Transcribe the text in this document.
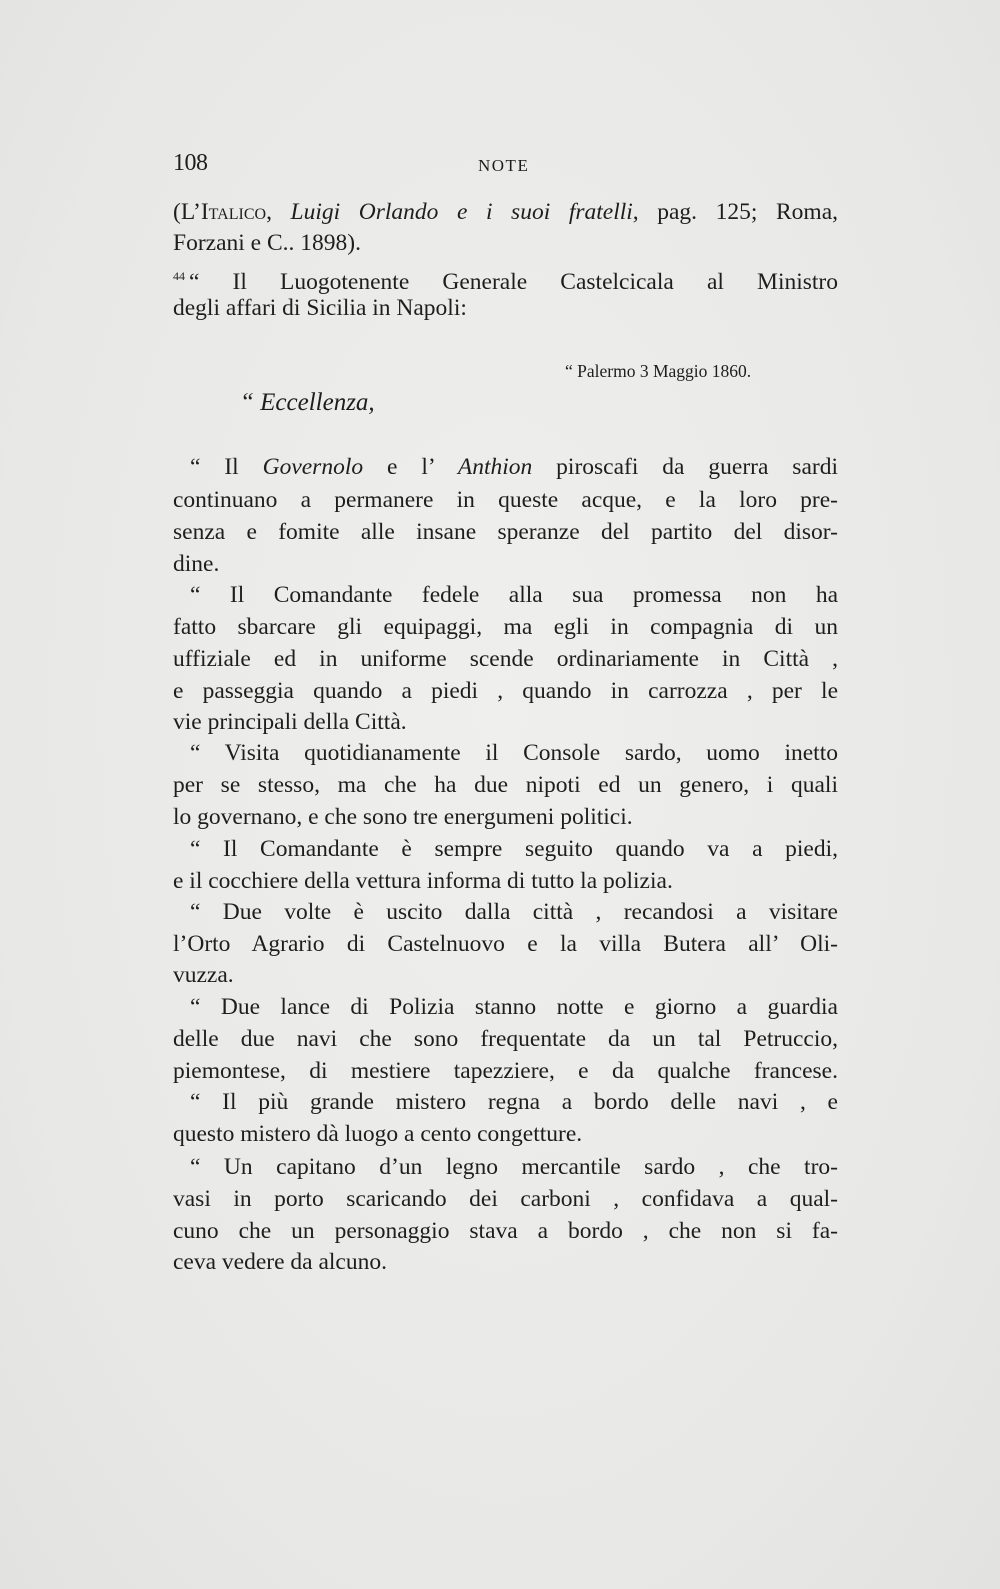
108	NOTE
(L’Italico, Luigi Orlando e i suoi fratelli, pag. 125; Roma,
Forzani e C.. 1898).
$^{44}$ “ Il Luogotenente Generale Castelcicala al Ministro
degli affari di Sicilia in Napoli:
“ Palermo 3 Maggio 1860.
“ Eccellenza,
“ Il Governolo e l’ Anthion piroscafi da guerra sardi
continuano a permanere in queste acque, e la loro pre-
senza e fomite alle insane speranze del partito del disor-
dine.
“ Il Comandante fedele alla sua promessa non ha
fatto sbarcare gli equipaggi, ma egli in compagnia di un
uffiziale ed in uniforme scende ordinariamente in Città ,
e passeggia quando a piedi , quando in carrozza , per le
vie principali della Città.
“ Visita quotidianamente il Console sardo, uomo inetto
per se stesso, ma che ha due nipoti ed un genero, i quali
lo governano, e che sono tre energumeni politici.
“ Il Comandante è sempre seguito quando va a piedi,
e il cocchiere della vettura informa di tutto la polizia.
“ Due volte è uscito dalla città , recandosi a visitare
l’Orto Agrario di Castelnuovo e la villa Butera all’ Oli-
vuzza.
“ Due lance di Polizia stanno notte e giorno a guardia
delle due navi che sono frequentate da un tal Petruccio,
piemontese, di mestiere tapezziere, e da qualche francese.
“ Il più grande mistero regna a bordo delle navi , e
questo mistero dà luogo a cento congetture.
“ Un capitano d’un legno mercantile sardo , che tro-
vasi in porto scaricando dei carboni , confidava a qual-
cuno che un personaggio stava a bordo , che non si fa-
ceva vedere da alcuno.
